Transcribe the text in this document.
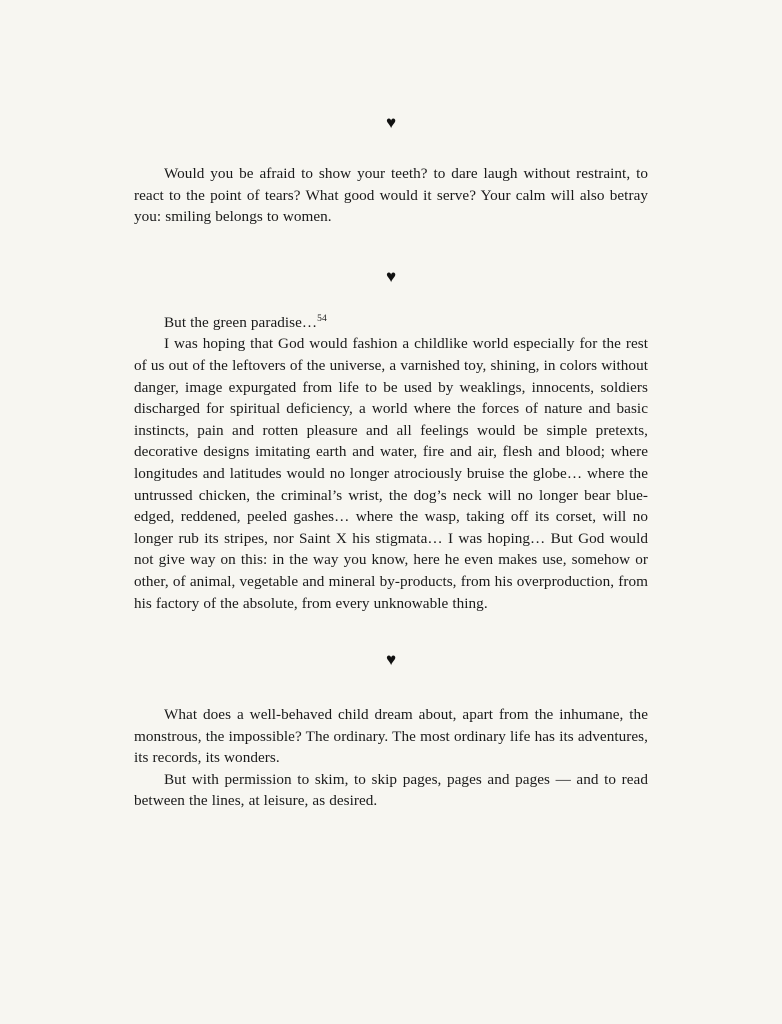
♥

Would you be afraid to show your teeth? to dare laugh without restraint, to react to the point of tears? What good would it serve? Your calm will also betray you: smiling belongs to women.

♥

But the green paradise…$^{54}$

I was hoping that God would fashion a childlike world especially for the rest of us out of the leftovers of the universe, a varnished toy, shining, in colors without danger, image expurgated from life to be used by weaklings, innocents, soldiers discharged for spiritual deficiency, a world where the forces of nature and basic instincts, pain and rotten pleasure and all feelings would be simple pretexts, decorative designs imitating earth and water, fire and air, flesh and blood; where longitudes and latitudes would no longer atrociously bruise the globe… where the untrussed chicken, the criminal’s wrist, the dog’s neck will no longer bear blue-edged, reddened, peeled gashes… where the wasp, taking off its corset, will no longer rub its stripes, nor Saint X his stigmata… I was hoping… But God would not give way on this: in the way you know, here he even makes use, somehow or other, of animal, vegetable and mineral by-products, from his overproduction, from his factory of the absolute, from every unknowable thing.

♥

What does a well-behaved child dream about, apart from the inhumane, the monstrous, the impossible? The ordinary. The most ordinary life has its adventures, its records, its wonders.

But with permission to skim, to skip pages, pages and pages — and to read between the lines, at leisure, as desired.
